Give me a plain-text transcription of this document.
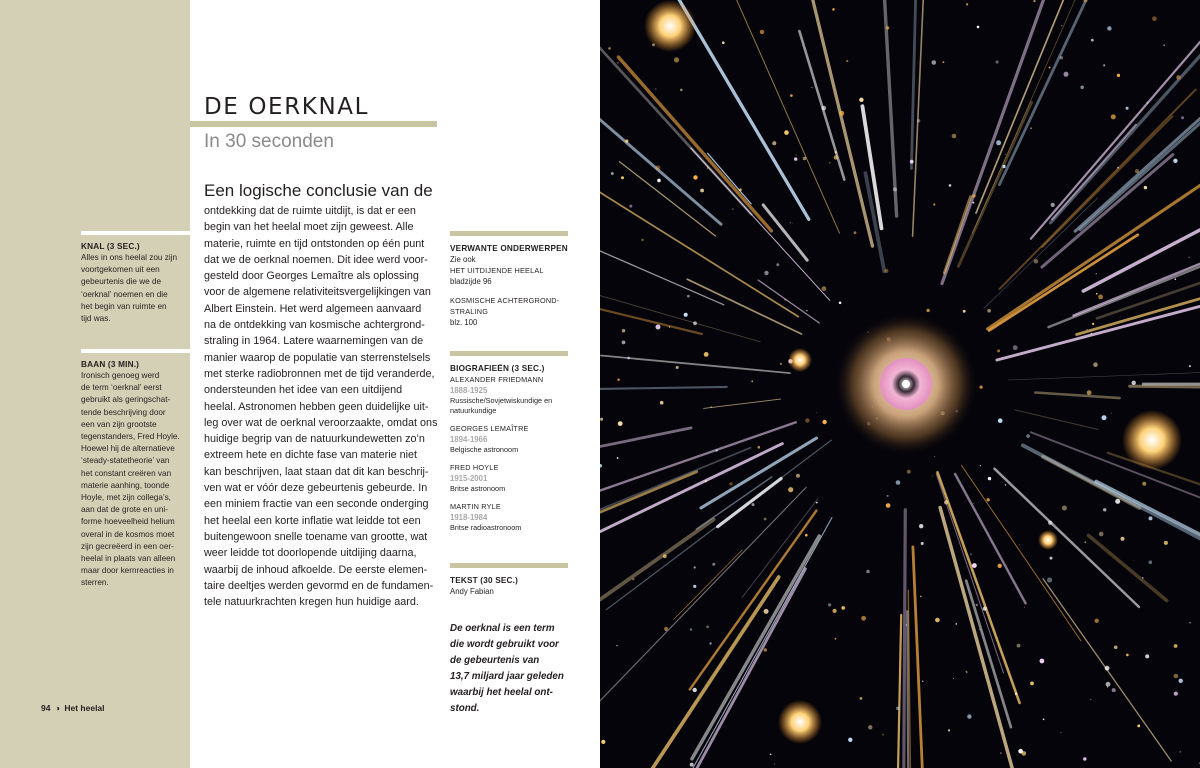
KNAL (3 SEC.)
Alles in ons heelal zou zijn
voortgekomen uit een
gebeurtenis die we de
‘oerknal’ noemen en die
het begin van ruimte en
tijd was.
BAAN (3 MIN.)
Ironisch genoeg werd
de term ‘oerknal’ eerst
gebruikt als geringschat-
tende beschrijving door
een van zijn grootste
tegenstanders, Fred Hoyle.
Hoewel hij de alternatieve
‘steady-statetheorie’ van
het constant creëren van
materie aanhing, toonde
Hoyle, met zijn collega’s,
aan dat de grote en uni-
forme hoeveelheid helium
overal in de kosmos moet
zijn gecreëerd in een oer-
heelal in plaats van alleen
maar door kernreacties in
sterren.
94 ◑ Het heelal
DE OERKNAL
In 30 seconden
Een logische conclusie van de
ontdekking dat de ruimte uitdijt, is dat er een
begin van het heelal moet zijn geweest. Alle
materie, ruimte en tijd ontstonden op één punt
dat we de oerknal noemen. Dit idee werd voor-
gesteld door Georges Lemaître als oplossing
voor de algemene relativiteitsvergelijkingen van
Albert Einstein. Het werd algemeen aanvaard
na de ontdekking van kosmische achtergrond-
straling in 1964. Latere waarnemingen van de
manier waarop de populatie van sterrenstelsels
met sterke radiobronnen met de tijd veranderde,
ondersteunden het idee van een uitdijend
heelal. Astronomen hebben geen duidelijke uit-
leg over wat de oerknal veroorzaakte, omdat ons
huidige begrip van de natuurkundewetten zo’n
extreem hete en dichte fase van materie niet
kan beschrijven, laat staan dat dit kan beschrij-
ven wat er vóór deze gebeurtenis gebeurde. In
een miniem fractie van een seconde onderging
het heelal een korte inflatie wat leidde tot een
buitengewoon snelle toename van grootte, wat
weer leidde tot doorlopende uitdijing daarna,
waarbij de inhoud afkoelde. De eerste elemen-
taire deeltjes werden gevormd en de fundamen-
tele natuurkrachten kregen hun huidige aard.
VERWANTE ONDERWERPEN
Zie ook
HET UITDIJENDE HEELAL
bladzijde 96
KOSMISCHE ACHTERGROND-
STRALING
blz. 100
BIOGRAFIEËN (3 SEC.)
ALEXANDER FRIEDMANN
1888-1925
Russische/Sovjetwiskundige en natuurkundige
GEORGES LEMAÎTRE
1894-1966
Belgische astronoom
FRED HOYLE
1915-2001
Britse astronoom
MARTIN RYLE
1918-1984
Britse radioastronoom
TEKST (30 SEC.)
Andy Fabian
De oerknal is een term
die wordt gebruikt voor
de gebeurtenis van
13,7 miljard jaar geleden
waarbij het heelal ont-
stond.
